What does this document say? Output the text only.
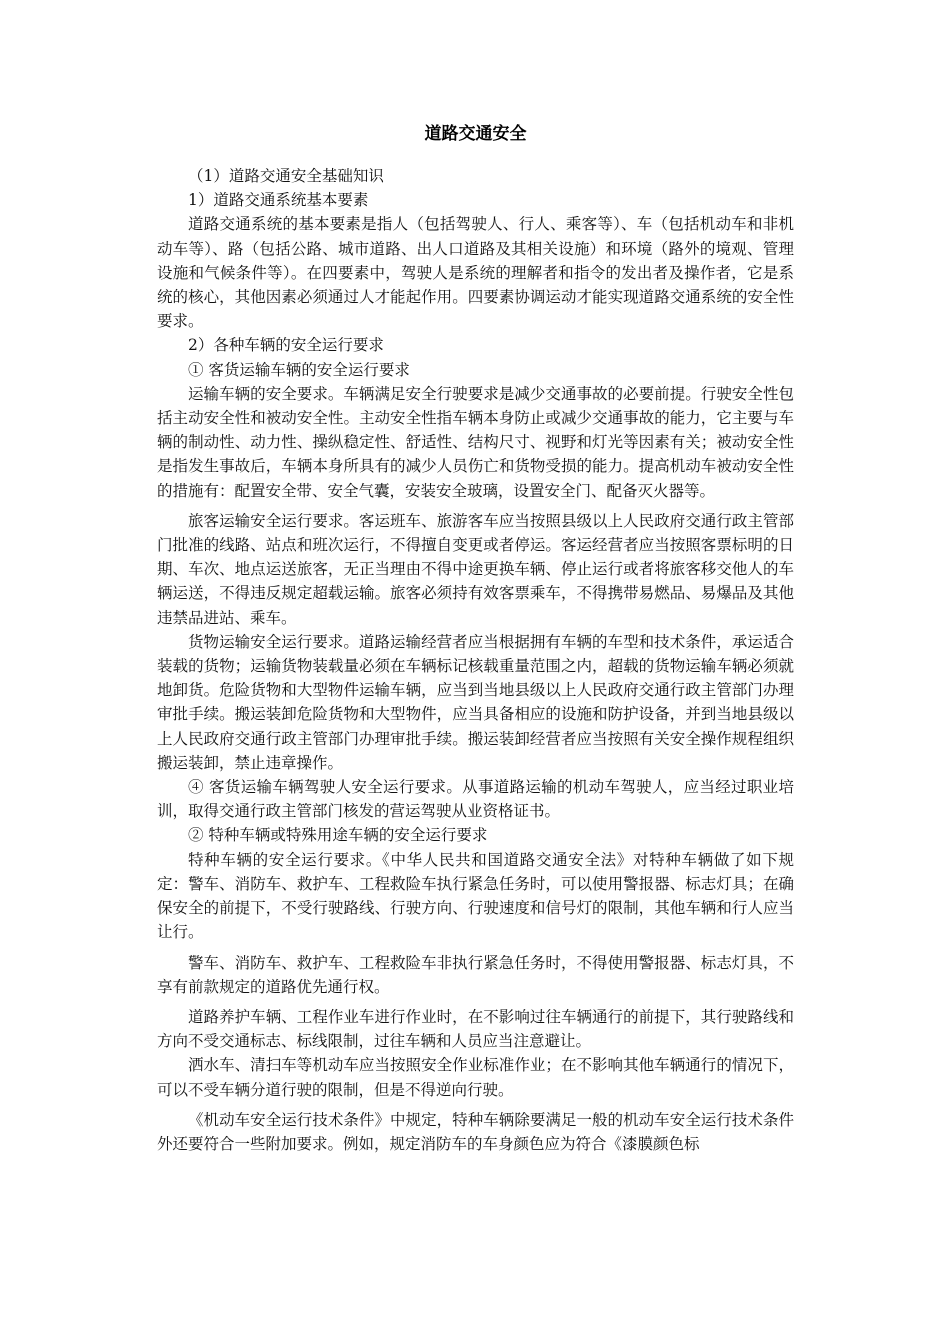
道路交通安全

（1）道路交通安全基础知识

1）道路交通系统基本要素

道路交通系统的基本要素是指人（包括驾驶人、行人、乘客等）、车（包括机动车和非机动车等）、路（包括公路、城市道路、出人口道路及其相关设施）和环境（路外的境观、管理设施和气候条件等）。在四要素中，驾驶人是系统的理解者和指令的发出者及操作者，它是系统的核心，其他因素必须通过人才能起作用。四要素协调运动才能实现道路交通系统的安全性要求。

2）各种车辆的安全运行要求

① 客货运输车辆的安全运行要求

运输车辆的安全要求。车辆满足安全行驶要求是减少交通事故的必要前提。行驶安全性包括主动安全性和被动安全性。主动安全性指车辆本身防止或减少交通事故的能力，它主要与车辆的制动性、动力性、操纵稳定性、舒适性、结构尺寸、视野和灯光等因素有关；被动安全性是指发生事故后，车辆本身所具有的减少人员伤亡和货物受损的能力。提高机动车被动安全性的措施有：配置安全带、安全气囊，安装安全玻璃，设置安全门、配备灭火器等。

旅客运输安全运行要求。客运班车、旅游客车应当按照县级以上人民政府交通行政主管部门批准的线路、站点和班次运行，不得擅自变更或者停运。客运经营者应当按照客票标明的日期、车次、地点运送旅客，无正当理由不得中途更换车辆、停止运行或者将旅客移交他人的车辆运送，不得违反规定超载运输。旅客必须持有效客票乘车，不得携带易燃品、易爆品及其他违禁品进站、乘车。

货物运输安全运行要求。道路运输经营者应当根据拥有车辆的车型和技术条件，承运适合装载的货物；运输货物装载量必须在车辆标记核载重量范围之内，超载的货物运输车辆必须就地卸货。危险货物和大型物件运输车辆，应当到当地县级以上人民政府交通行政主管部门办理审批手续。搬运装卸危险货物和大型物件，应当具备相应的设施和防护设备，并到当地县级以上人民政府交通行政主管部门办理审批手续。搬运装卸经营者应当按照有关安全操作规程组织搬运装卸，禁止违章操作。

④ 客货运输车辆驾驶人安全运行要求。从事道路运输的机动车驾驶人，应当经过职业培训，取得交通行政主管部门核发的营运驾驶从业资格证书。

② 特种车辆或特殊用途车辆的安全运行要求

特种车辆的安全运行要求。《中华人民共和国道路交通安全法》对特种车辆做了如下规定：警车、消防车、救护车、工程救险车执行紧急任务时，可以使用警报器、标志灯具；在确保安全的前提下，不受行驶路线、行驶方向、行驶速度和信号灯的限制，其他车辆和行人应当让行。

警车、消防车、救护车、工程救险车非执行紧急任务时，不得使用警报器、标志灯具，不享有前款规定的道路优先通行权。

道路养护车辆、工程作业车进行作业时，在不影响过往车辆通行的前提下，其行驶路线和方向不受交通标志、标线限制，过往车辆和人员应当注意避让。

洒水车、清扫车等机动车应当按照安全作业标准作业；在不影响其他车辆通行的情况下，可以不受车辆分道行驶的限制，但是不得逆向行驶。

《机动车安全运行技术条件》中规定，特种车辆除要满足一般的机动车安全运行技术条件外还要符合一些附加要求。例如，规定消防车的车身颜色应为符合《漆膜颜色标
